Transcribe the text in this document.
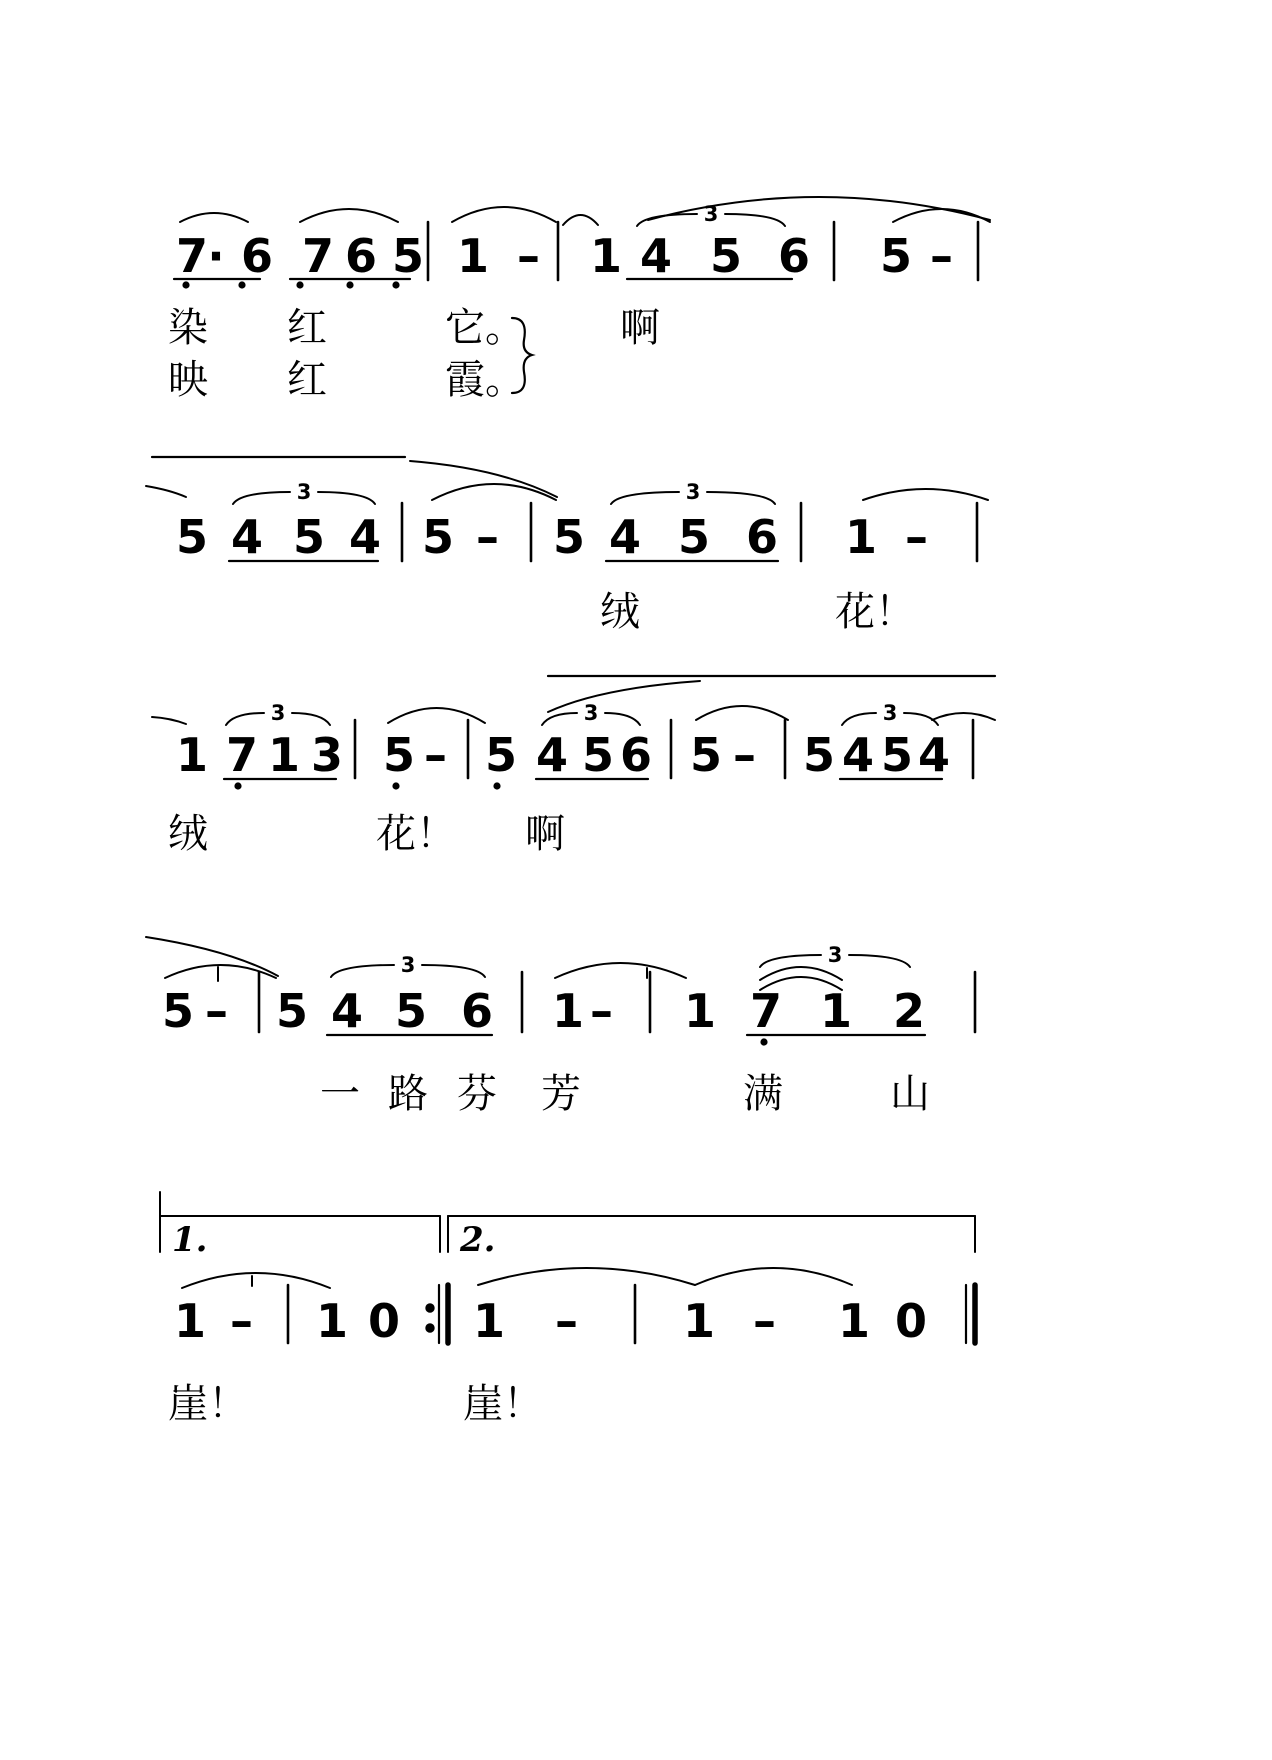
7 · 6 7 6 5 1 – 1 4 5 6 5 –
5 4 5 4 5 – 5 4 5 6 1 –
1 7 1 3 5 – 5 4 5 6 5 – 5 4 5 4
5 – 5 4 5 6 1 – 1 7 1 2
1 – 1 0 1 – 1 – 1 0
染 红	它。 啊
映 红	霞。
绒	花！
绒	花！ 啊
一 路 芬 芳	满	山
崖！	崖！
3
3	3
3	3	3
3	3
1.	2.
